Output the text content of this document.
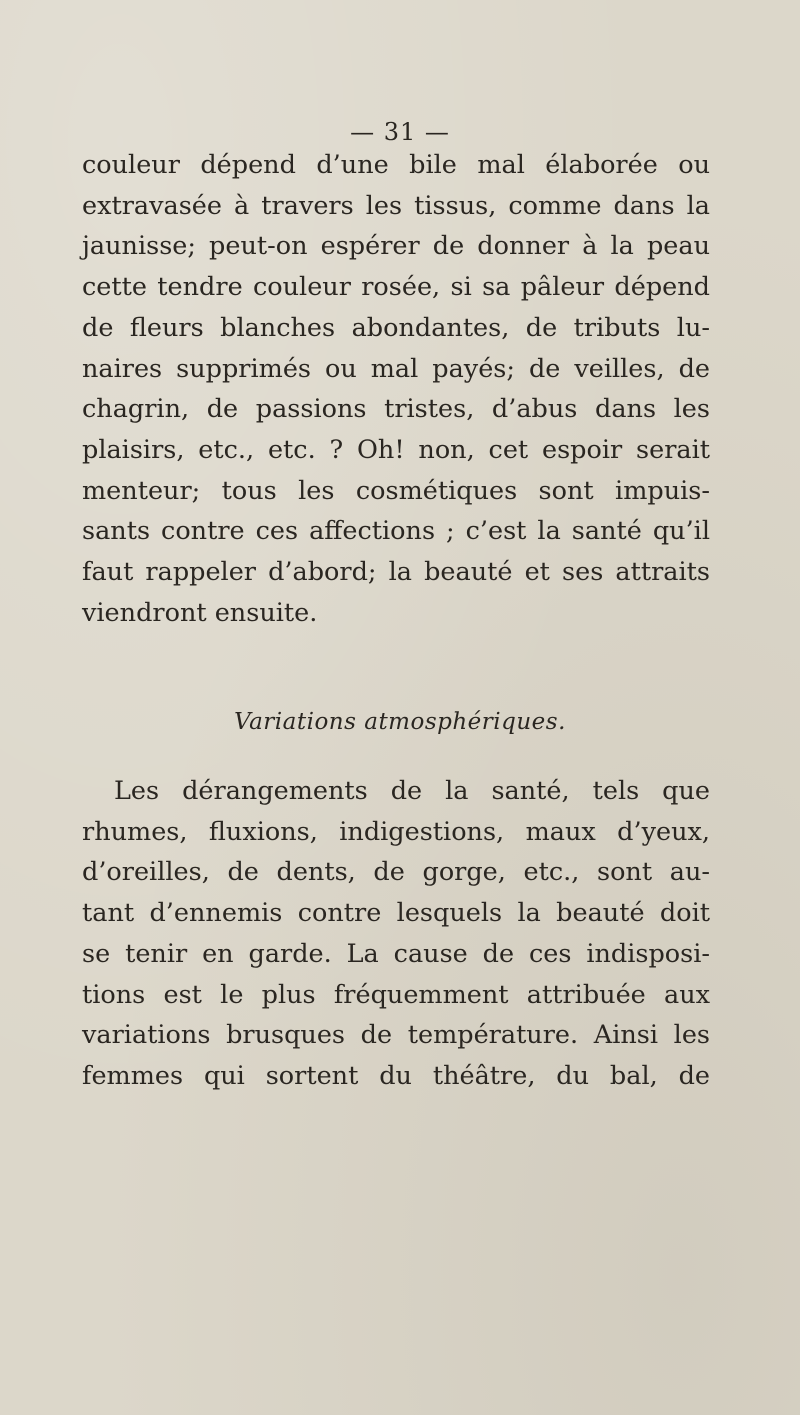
— 31 —
couleur dépend d’une bile mal élaborée ou
extravasée à travers les tissus, comme dans la
jaunisse; peut-on espérer de donner à la peau
cette tendre couleur rosée, si sa pâleur dépend
de fleurs blanches abondantes, de tributs lu-
naires supprimés ou mal payés; de veilles, de
chagrin, de passions tristes, d’abus dans les
plaisirs, etc., etc. ? Oh! non, cet espoir serait
menteur; tous les cosmétiques sont impuis-
sants contre ces affections ; c’est la santé qu’il
faut rappeler d’abord; la beauté et ses attraits
viendront ensuite.
Variations atmosphériques.
Les dérangements de la santé, tels que
rhumes, fluxions, indigestions, maux d’yeux,
d’oreilles, de dents, de gorge, etc., sont au-
tant d’ennemis contre lesquels la beauté doit
se tenir en garde. La cause de ces indisposi-
tions est le plus fréquemment attribuée aux
variations brusques de température. Ainsi les
femmes qui sortent du théâtre, du bal, de
